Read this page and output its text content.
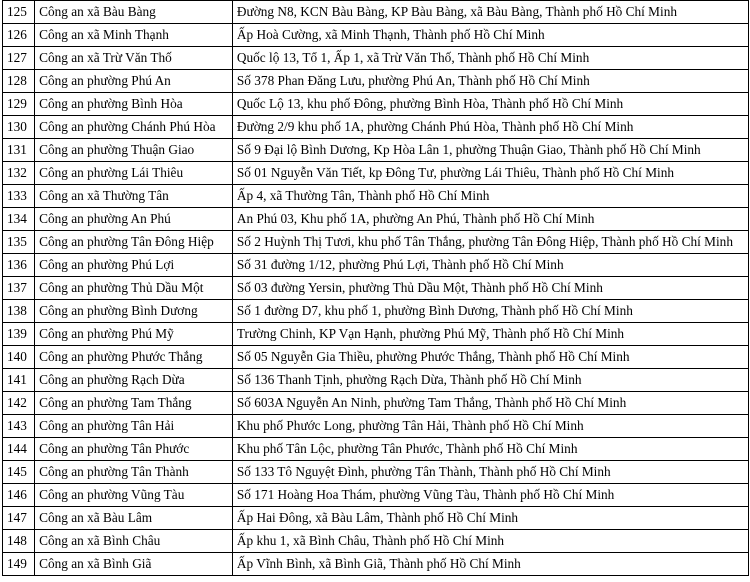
125	Công an xã Bàu Bàng	Đường N8, KCN Bàu Bàng, KP Bàu Bàng, xã Bàu Bàng, Thành phố Hồ Chí Minh
126	Công an xã Minh Thạnh	Ấp Hoà Cường, xã Minh Thạnh, Thành phố Hồ Chí Minh
127	Công an xã Trừ Văn Thố	Quốc lộ 13, Tổ 1, Ấp 1, xã Trừ Văn Thố, Thành phố Hồ Chí Minh
128	Công an phường Phú An	Số 378 Phan Đăng Lưu, phường Phú An, Thành phố Hồ Chí Minh
129	Công an phường Bình Hòa	Quốc Lộ 13, khu phố Đông, phường Bình Hòa, Thành phố Hồ Chí Minh
130	Công an phường Chánh Phú Hòa	Đường 2/9 khu phố 1A, phường Chánh Phú Hòa, Thành phố Hồ Chí Minh
131	Công an phường Thuận Giao	Số 9 Đại lộ Bình Dương, Kp Hòa Lân 1, phường Thuận Giao, Thành phố Hồ Chí Minh
132	Công an phường Lái Thiêu	Số 01 Nguyễn Văn Tiết, kp Đông Tư, phường Lái Thiêu, Thành phố Hồ Chí Minh
133	Công an xã Thường Tân	Ấp 4, xã Thường Tân, Thành phố Hồ Chí Minh
134	Công an phường An Phú	An Phú 03, Khu phố 1A, phường An Phú, Thành phố Hồ Chí Minh
135	Công an phường Tân Đông Hiệp	Số 2 Huỳnh Thị Tươi, khu phố Tân Thắng, phường Tân Đông Hiệp, Thành phố Hồ Chí Minh
136	Công an phường Phú Lợi	Số 31 đường 1/12, phường Phú Lợi, Thành phố Hồ Chí Minh
137	Công an phường Thủ Dầu Một	Số 03 đường Yersin, phường Thủ Dầu Một, Thành phố Hồ Chí Minh
138	Công an phường Bình Dương	Số 1 đường D7, khu phố 1, phường Bình Dương, Thành phố Hồ Chí Minh
139	Công an phường Phú Mỹ	Trường Chinh, KP Vạn Hạnh, phường Phú Mỹ, Thành phố Hồ Chí Minh
140	Công an phường Phước Thắng	Số 05 Nguyễn Gia Thiều, phường Phước Thắng, Thành phố Hồ Chí Minh
141	Công an phường Rạch Dừa	Số 136 Thanh Tịnh, phường Rạch Dừa, Thành phố Hồ Chí Minh
142	Công an phường Tam Thắng	Số 603A Nguyễn An Ninh, phường Tam Thắng, Thành phố Hồ Chí Minh
143	Công an phường Tân Hải	Khu phố Phước Long, phường Tân Hải, Thành phố Hồ Chí Minh
144	Công an phường Tân Phước	Khu phố Tân Lộc, phường Tân Phước, Thành phố Hồ Chí Minh
145	Công an phường Tân Thành	Số 133 Tô Nguyệt Đình, phường Tân Thành, Thành phố Hồ Chí Minh
146	Công an phường Vũng Tàu	Số 171 Hoàng Hoa Thám, phường Vũng Tàu, Thành phố Hồ Chí Minh
147	Công an xã Bàu Lâm	Ấp Hai Đông, xã Bàu Lâm, Thành phố Hồ Chí Minh
148	Công an xã Bình Châu	Ấp khu 1, xã Bình Châu, Thành phố Hồ Chí Minh
149	Công an xã Bình Giã	Ấp Vĩnh Bình, xã Bình Giã, Thành phố Hồ Chí Minh
